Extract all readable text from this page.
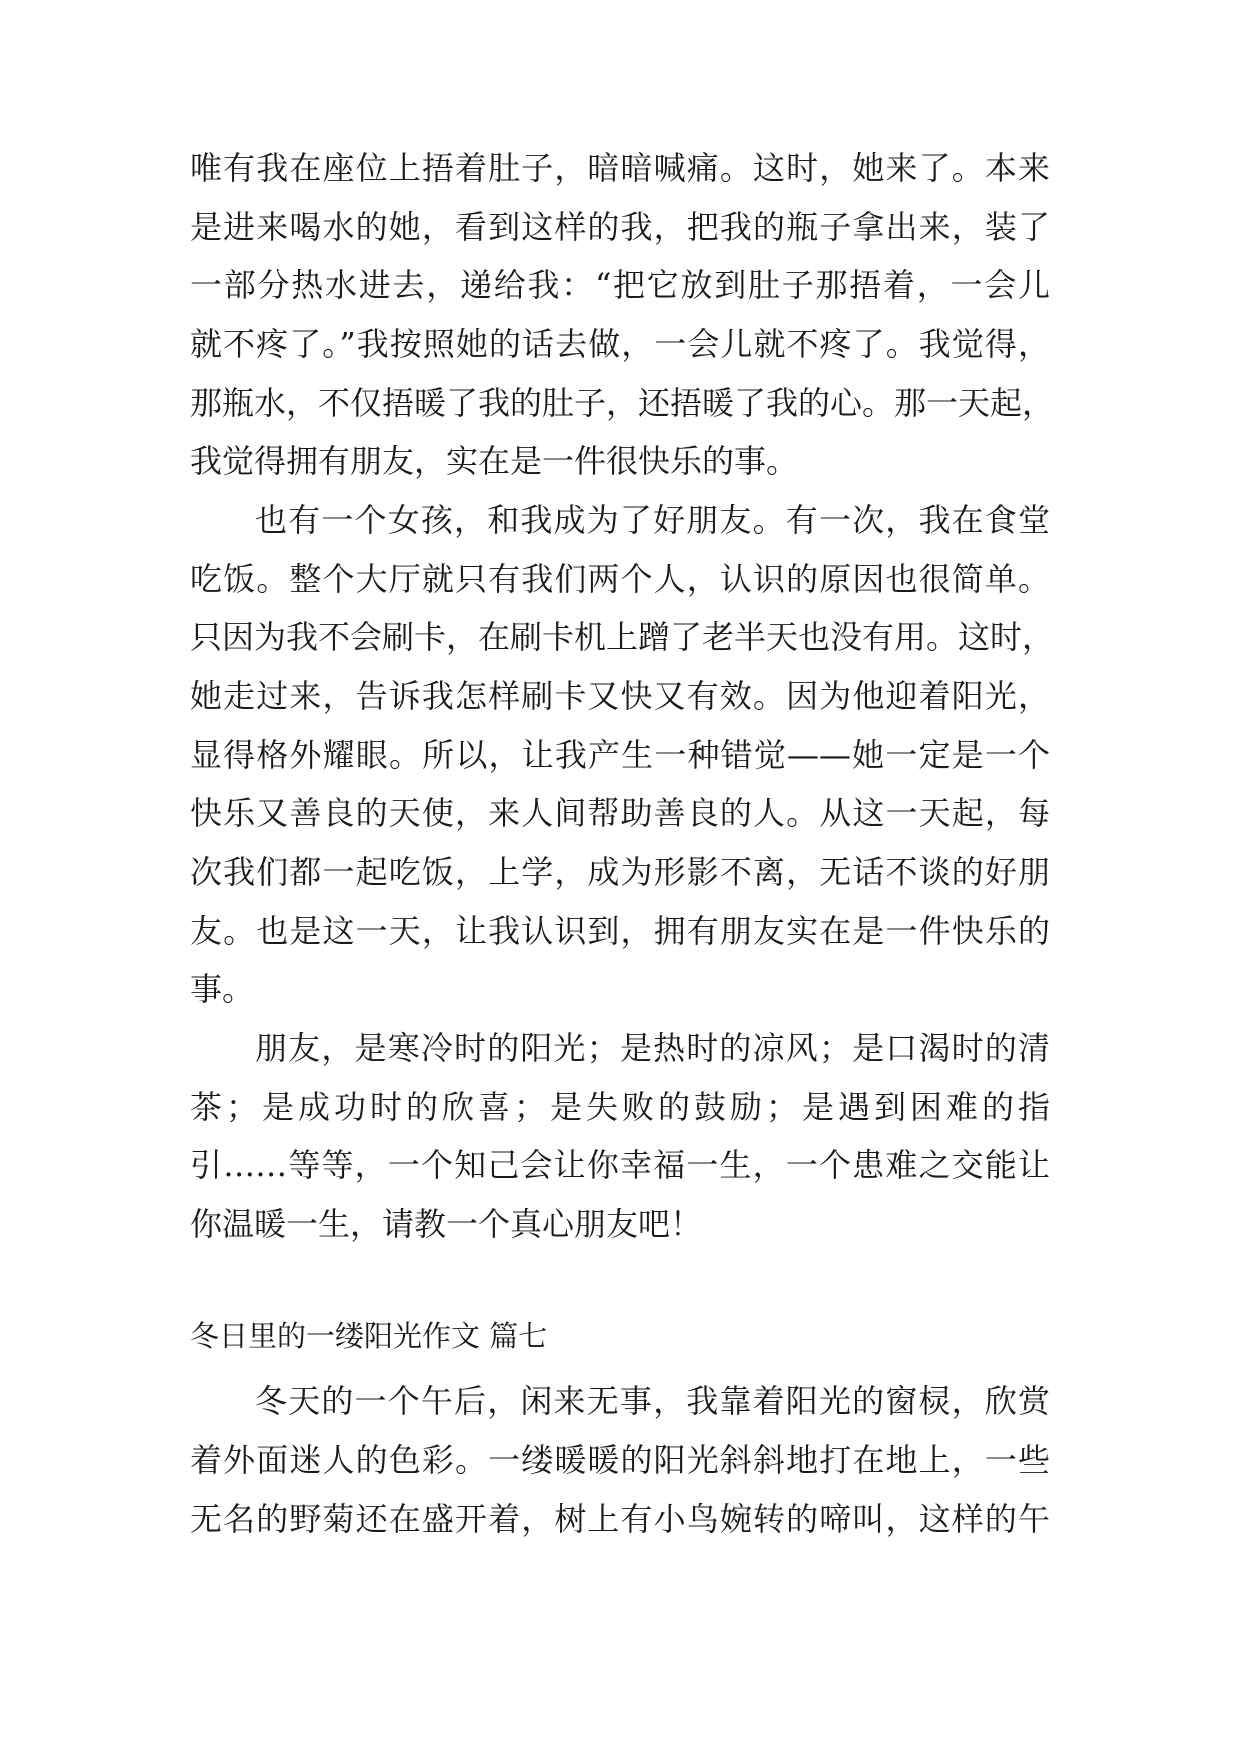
唯有我在座位上捂着肚子，暗暗喊痛。这时，她来了。本来
是进来喝水的她，看到这样的我，把我的瓶子拿出来，装了
一部分热水进去，递给我：“把它放到肚子那捂着，一会儿
就不疼了。”我按照她的话去做，一会儿就不疼了。我觉得，
那瓶水，不仅捂暖了我的肚子，还捂暖了我的心。那一天起，
我觉得拥有朋友，实在是一件很快乐的事。
也有一个女孩，和我成为了好朋友。有一次，我在食堂
吃饭。整个大厅就只有我们两个人，认识的原因也很简单。
只因为我不会刷卡，在刷卡机上蹭了老半天也没有用。这时，
她走过来，告诉我怎样刷卡又快又有效。因为他迎着阳光，
显得格外耀眼。所以，让我产生一种错觉——她一定是一个
快乐又善良的天使，来人间帮助善良的人。从这一天起，每
次我们都一起吃饭，上学，成为形影不离，无话不谈的好朋
友。也是这一天，让我认识到，拥有朋友实在是一件快乐的
事。
朋友，是寒冷时的阳光；是热时的凉风；是口渴时的清
茶；是成功时的欣喜；是失败的鼓励；是遇到困难的指
引……等等，一个知己会让你幸福一生，一个患难之交能让
你温暖一生，请教一个真心朋友吧！
冬日里的一缕阳光作文 篇七
冬天的一个午后，闲来无事，我靠着阳光的窗棂，欣赏
着外面迷人的色彩。一缕暖暖的阳光斜斜地打在地上，一些
无名的野菊还在盛开着，树上有小鸟婉转的啼叫，这样的午
